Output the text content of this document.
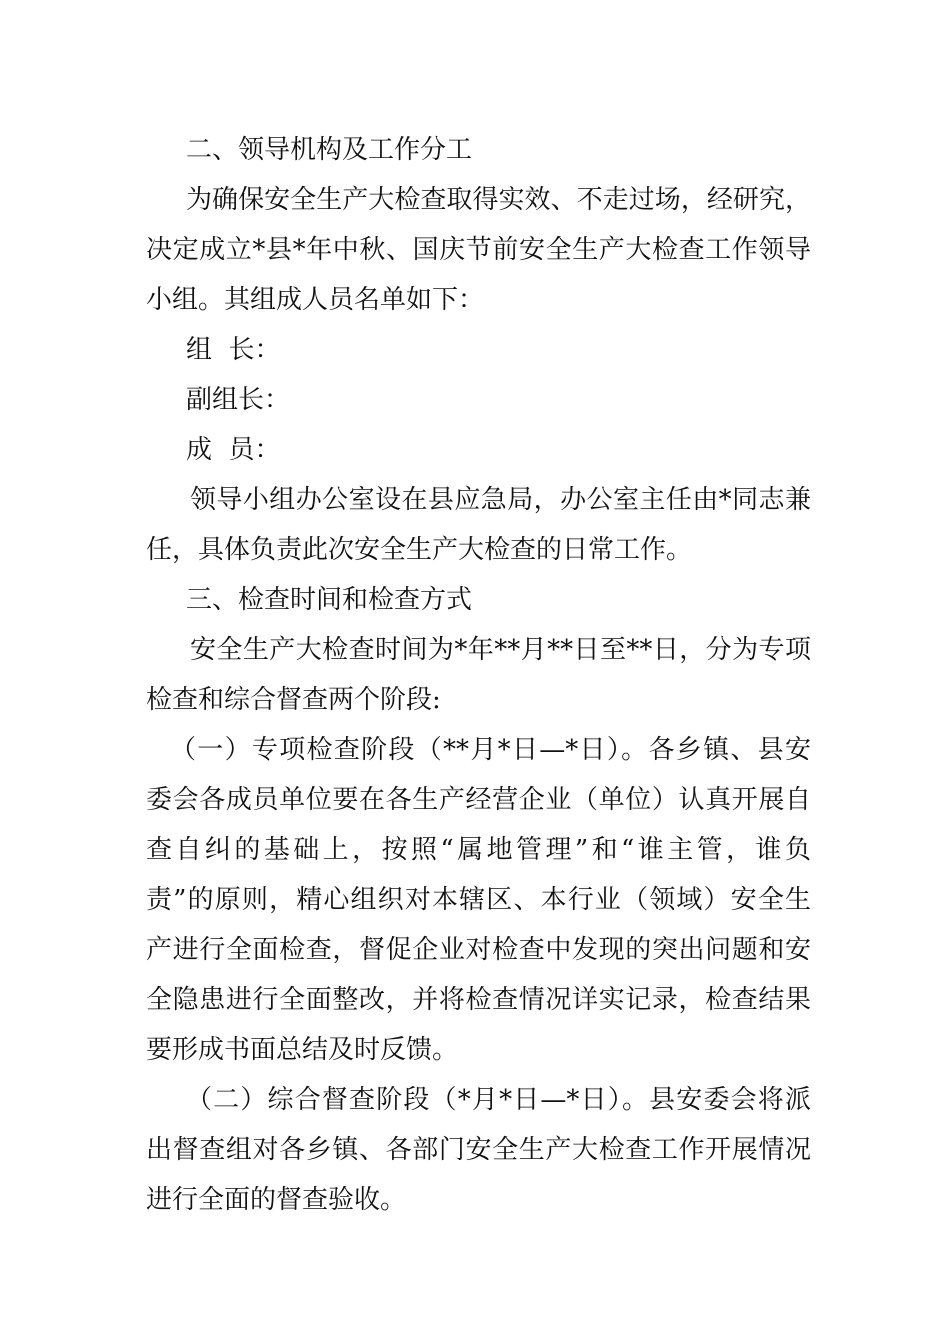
二、领导机构及工作分工
为确保安全生产大检查取得实效、不走过场，经研究，
决定成立*县*年中秋、国庆节前安全生产大检查工作领导
小组。其组成人员名单如下：
组  长：
副组长：
成  员：
领导小组办公室设在县应急局，办公室主任由*同志兼
任，具体负责此次安全生产大检查的日常工作。
三、检查时间和检查方式
安全生产大检查时间为*年**月**日至**日，分为专项
检查和综合督查两个阶段:
（一）专项检查阶段（**月*日—*日）。各乡镇、县安
委会各成员单位要在各生产经营企业（单位）认真开展自
查自纠的基础上，按照“属地管理”和“谁主管，谁负
责”的原则，精心组织对本辖区、本行业（领域）安全生
产进行全面检查，督促企业对检查中发现的突出问题和安
全隐患进行全面整改，并将检查情况详实记录，检查结果
要形成书面总结及时反馈。
（二）综合督查阶段（*月*日—*日）。县安委会将派
出督查组对各乡镇、各部门安全生产大检查工作开展情况
进行全面的督查验收。
